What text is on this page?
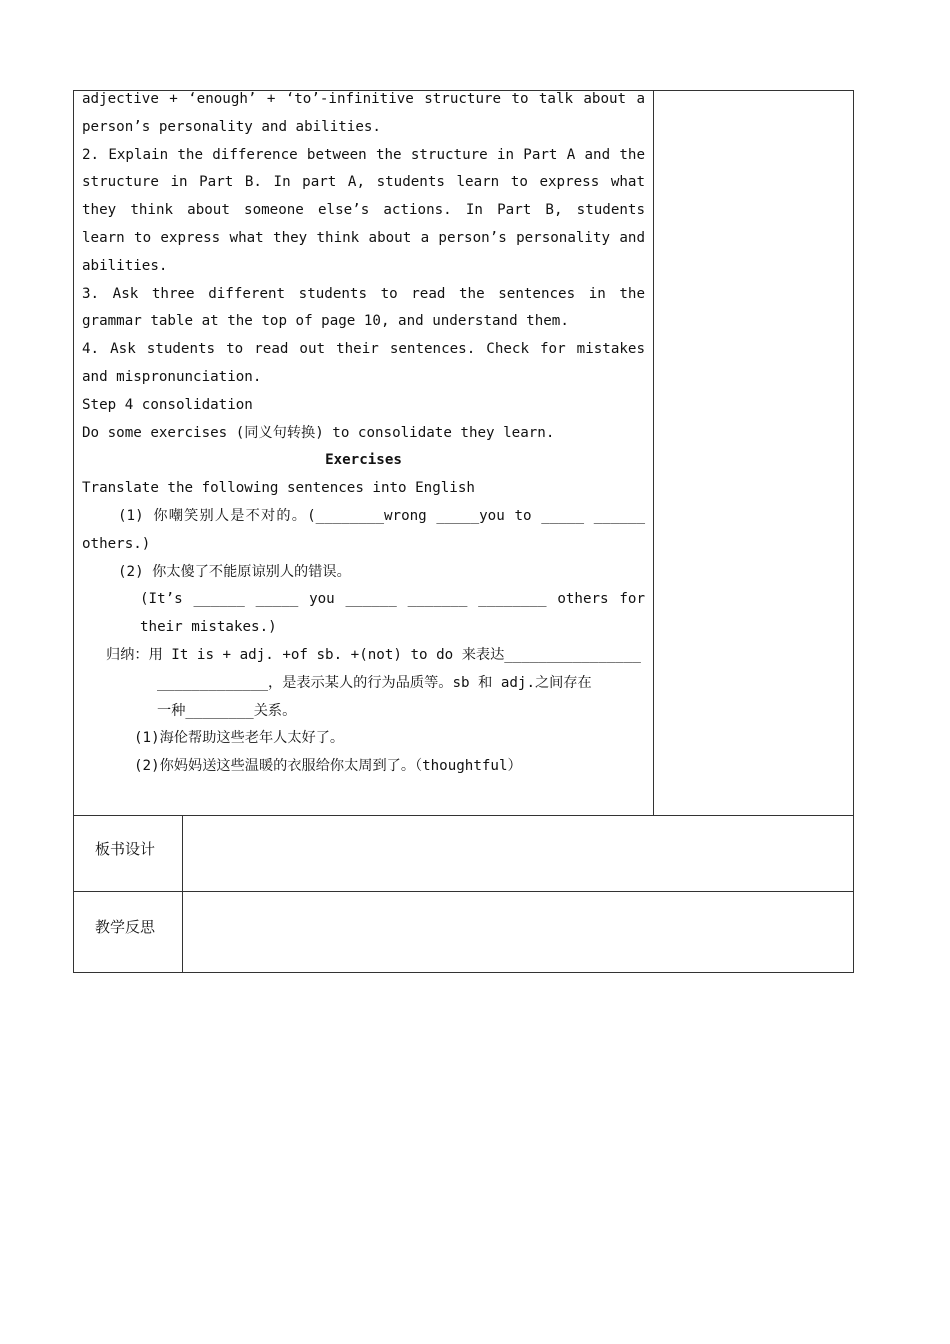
adjective + ‘enough’ + ‘to’-infinitive structure to talk about a person’s personality and abilities.

2. Explain the difference between the structure in Part A and the structure in Part B. In part A, students learn to express what they think about someone else’s actions. In Part B, students learn to express what they think about a person’s personality and abilities.

3. Ask three different students to read the sentences in the grammar table at the top of page 10, and understand them.

4. Ask students to read out their sentences. Check for mistakes and mispronunciation.

Step 4 consolidation

Do some exercises (同义句转换) to consolidate they learn.

Exercises

Translate the following sentences into English

(1) 你嘲笑别人是不对的。(________wrong _____you to _____ ______ others.)

(2) 你太傻了不能原谅别人的错误。

(It’s ______ _____ you ______ _______ ________ others for their mistakes.)

归纳：用 It is + adj. +of sb. +(not) to do 来表达________________

_____________，是表示某人的行为品质等。sb 和 adj.之间存在

一种________关系。

(1)海伦帮助这些老年人太好了。

(2)你妈妈送这些温暖的衣服给你太周到了。（thoughtful）

板书设计
教学反思
